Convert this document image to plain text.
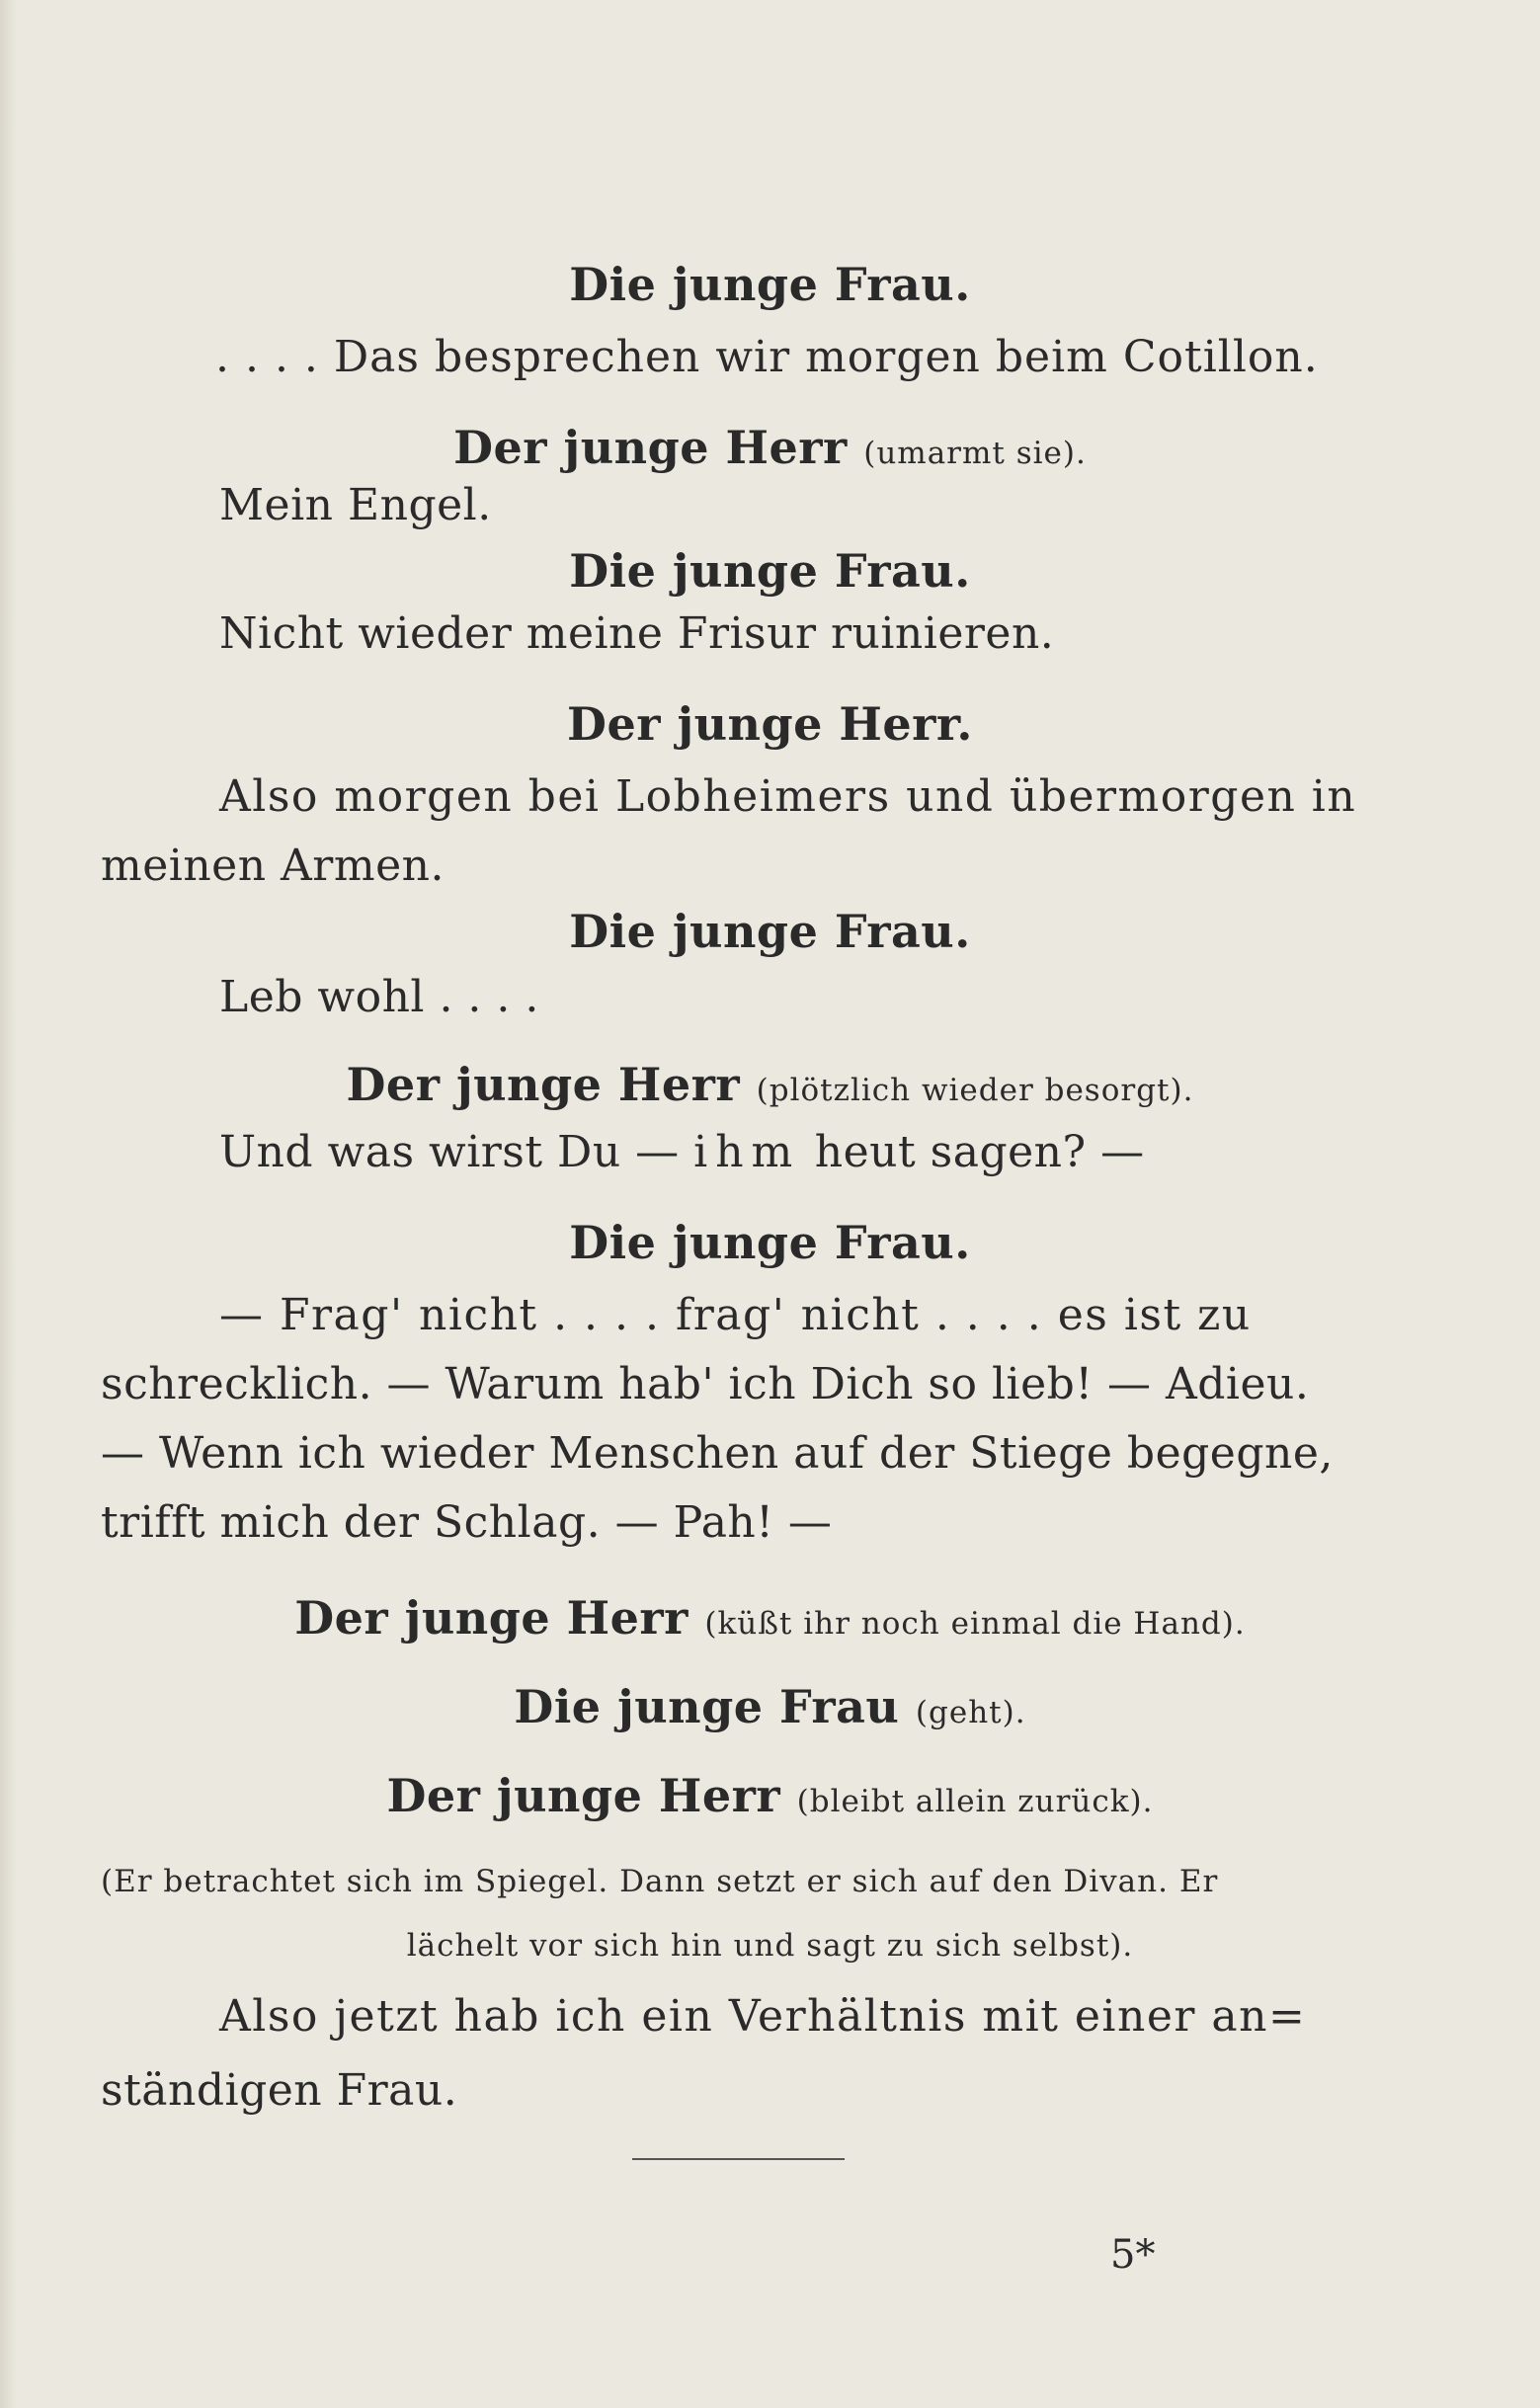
Die junge Frau.
. . . . Das besprechen wir morgen beim Cotillon.
Der junge Herr (umarmt sie).
Mein Engel.
Die junge Frau.
Nicht wieder meine Frisur ruinieren.
Der junge Herr.
Also morgen bei Lobheimers und übermorgen in
meinen Armen.
Die junge Frau.
Leb wohl . . . .
Der junge Herr (plötzlich wieder besorgt).
Und was wirst Du — ihm heut sagen? —
Die junge Frau.
— Frag' nicht . . . . frag' nicht . . . . es ist zu
schrecklich. — Warum hab' ich Dich so lieb! — Adieu.
— Wenn ich wieder Menschen auf der Stiege begegne,
trifft mich der Schlag. — Pah! —
Der junge Herr (küßt ihr noch einmal die Hand).
Die junge Frau (geht).
Der junge Herr (bleibt allein zurück).
(Er betrachtet sich im Spiegel. Dann setzt er sich auf den Divan. Er
lächelt vor sich hin und sagt zu sich selbst).
Also jetzt hab ich ein Verhältnis mit einer an=
ständigen Frau.
5*
